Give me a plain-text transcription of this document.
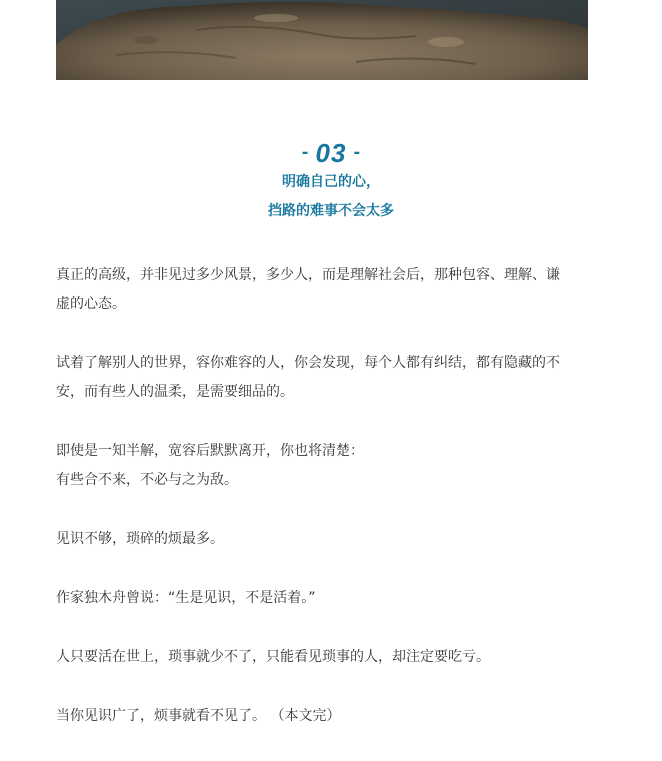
- 03 -
明确自己的心，
挡路的难事不会太多

真正的高级，并非见过多少风景，多少人，而是理解社会后，那种包容、理解、谦
虚的心态。

试着了解别人的世界，容你难容的人，你会发现，每个人都有纠结，都有隐藏的不
安，而有些人的温柔，是需要细品的。

即使是一知半解，宽容后默默离开，你也将清楚：
有些合不来，不必与之为敌。

见识不够，琐碎的烦最多。

作家独木舟曾说：“生是见识，不是活着。”

人只要活在世上，琐事就少不了，只能看见琐事的人，却注定要吃亏。

当你见识广了，烦事就看不见了。 （本文完）
